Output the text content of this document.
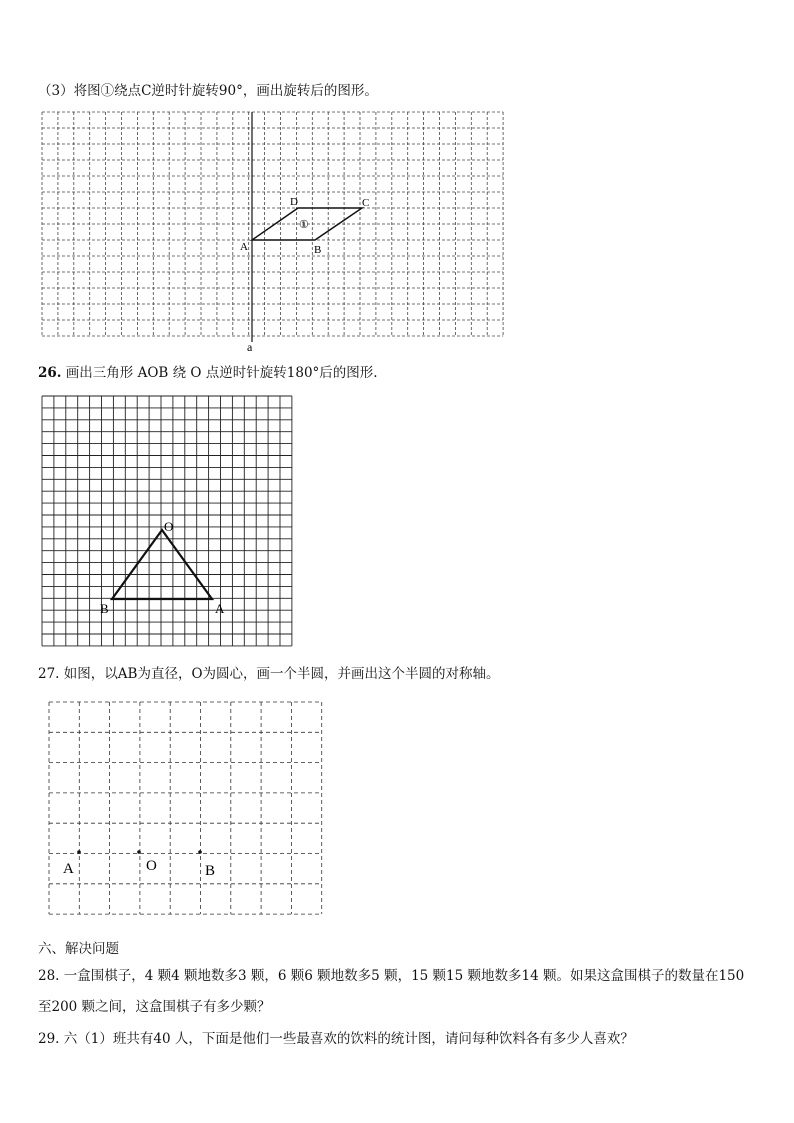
（3）将图①绕点C逆时针旋转90°，画出旋转后的图形。
A	B
C
D
①
a
26. 画出三角形 AOB 绕 O 点逆时针旋转180°后的图形.
O
B	A
27. 如图，以AB为直径，O为圆心，画一个半圆，并画出这个半圆的对称轴。
A	O	B
六、解决问题
28. 一盒围棋子，4 颗4 颗地数多3 颗，6 颗6 颗地数多5 颗，15 颗15 颗地数多14 颗。如果这盒围棋子的数量在150
至200 颗之间，这盒围棋子有多少颗？
29. 六（1）班共有40 人，下面是他们一些最喜欢的饮料的统计图，请问每种饮料各有多少人喜欢？
